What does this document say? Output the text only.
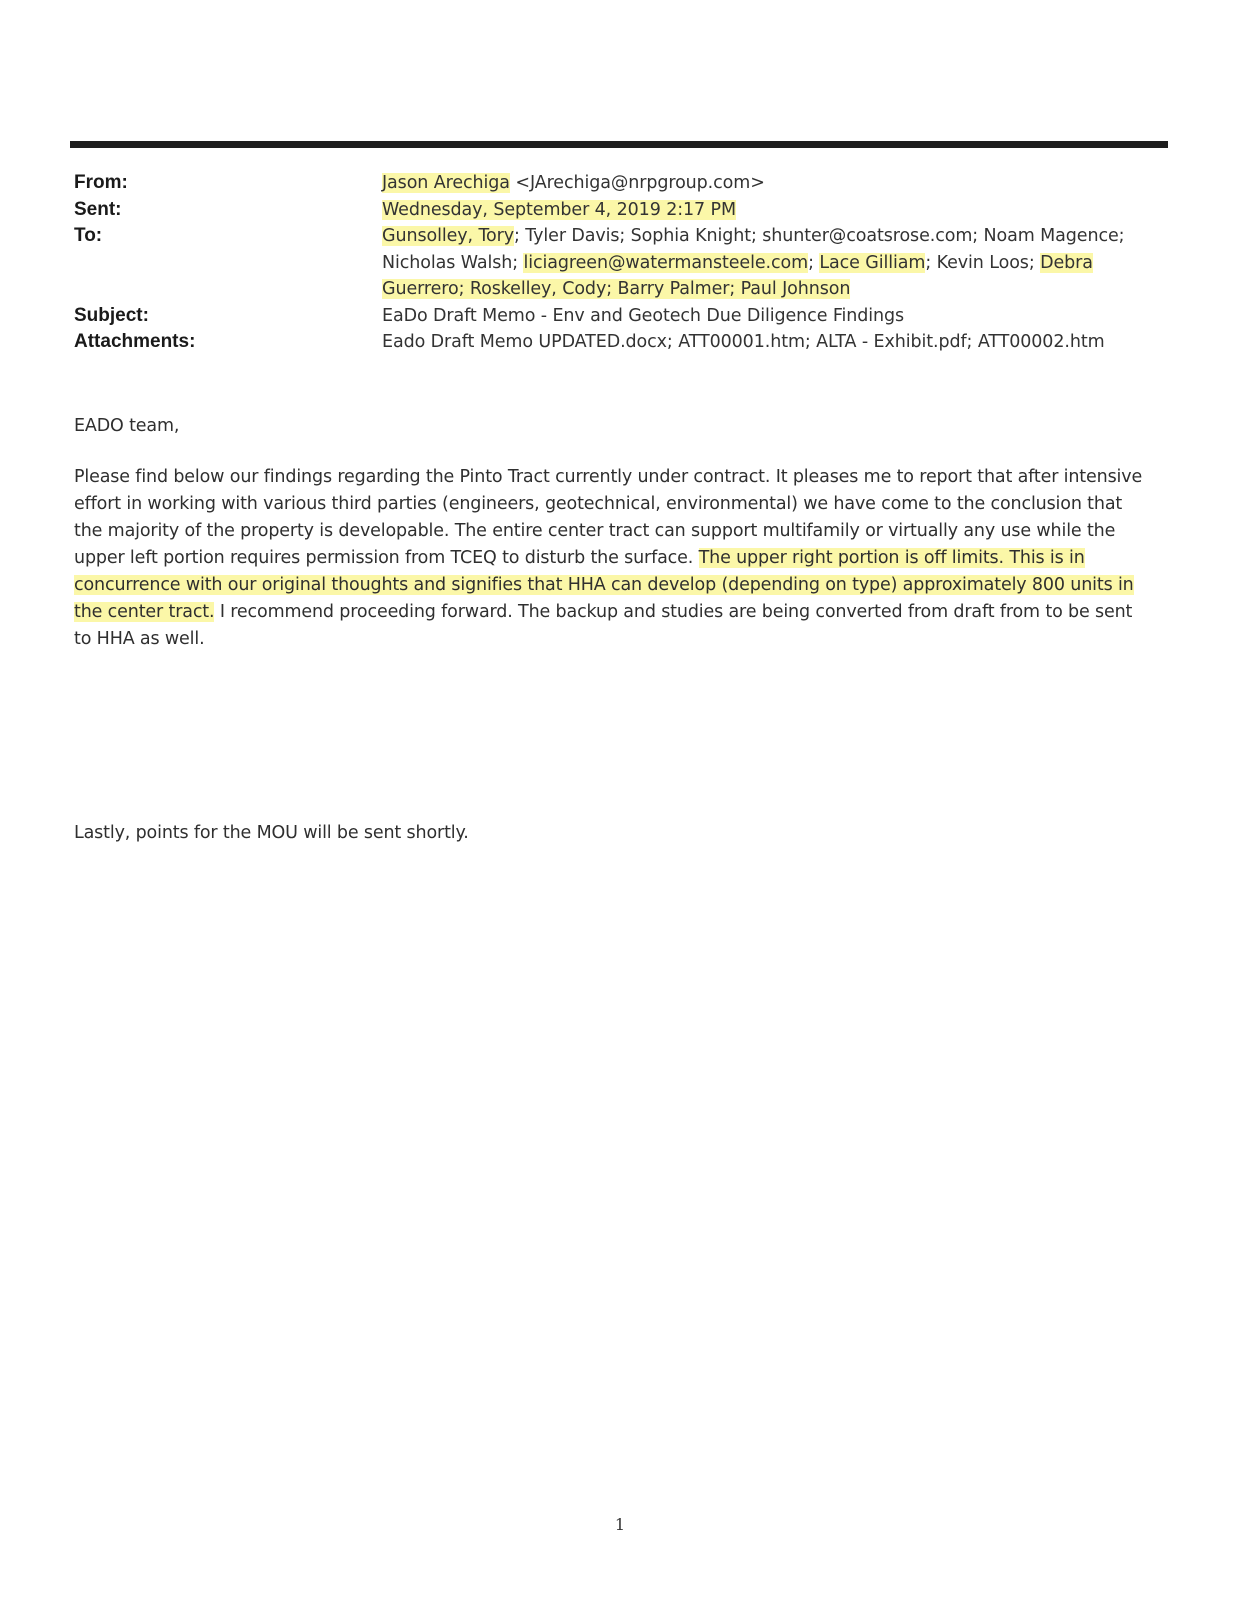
From:	Jason Arechiga <JArechiga@nrpgroup.com>
Sent:	Wednesday, September 4, 2019 2:17 PM
To:	Gunsolley, Tory; Tyler Davis; Sophia Knight; shunter@coatsrose.com; Noam Magence; Nicholas Walsh; liciagreen@watermansteele.com; Lace Gilliam; Kevin Loos; Debra Guerrero; Roskelley, Cody; Barry Palmer; Paul Johnson
Subject:	EaDo Draft Memo - Env and Geotech Due Diligence Findings
Attachments:	Eado Draft Memo UPDATED.docx; ATT00001.htm; ALTA - Exhibit.pdf; ATT00002.htm
EADO team,
Please find below our findings regarding the Pinto Tract currently under contract. It pleases me to report that after intensive effort in working with various third parties (engineers, geotechnical, environmental) we have come to the conclusion that the majority of the property is developable. The entire center tract can support multifamily or virtually any use while the upper left portion requires permission from TCEQ to disturb the surface. The upper right portion is off limits. This is in concurrence with our original thoughts and signifies that HHA can develop (depending on type) approximately 800 units in the center tract. I recommend proceeding forward. The backup and studies are being converted from draft from to be sent to HHA as well.
Lastly, points for the MOU will be sent shortly.
1
